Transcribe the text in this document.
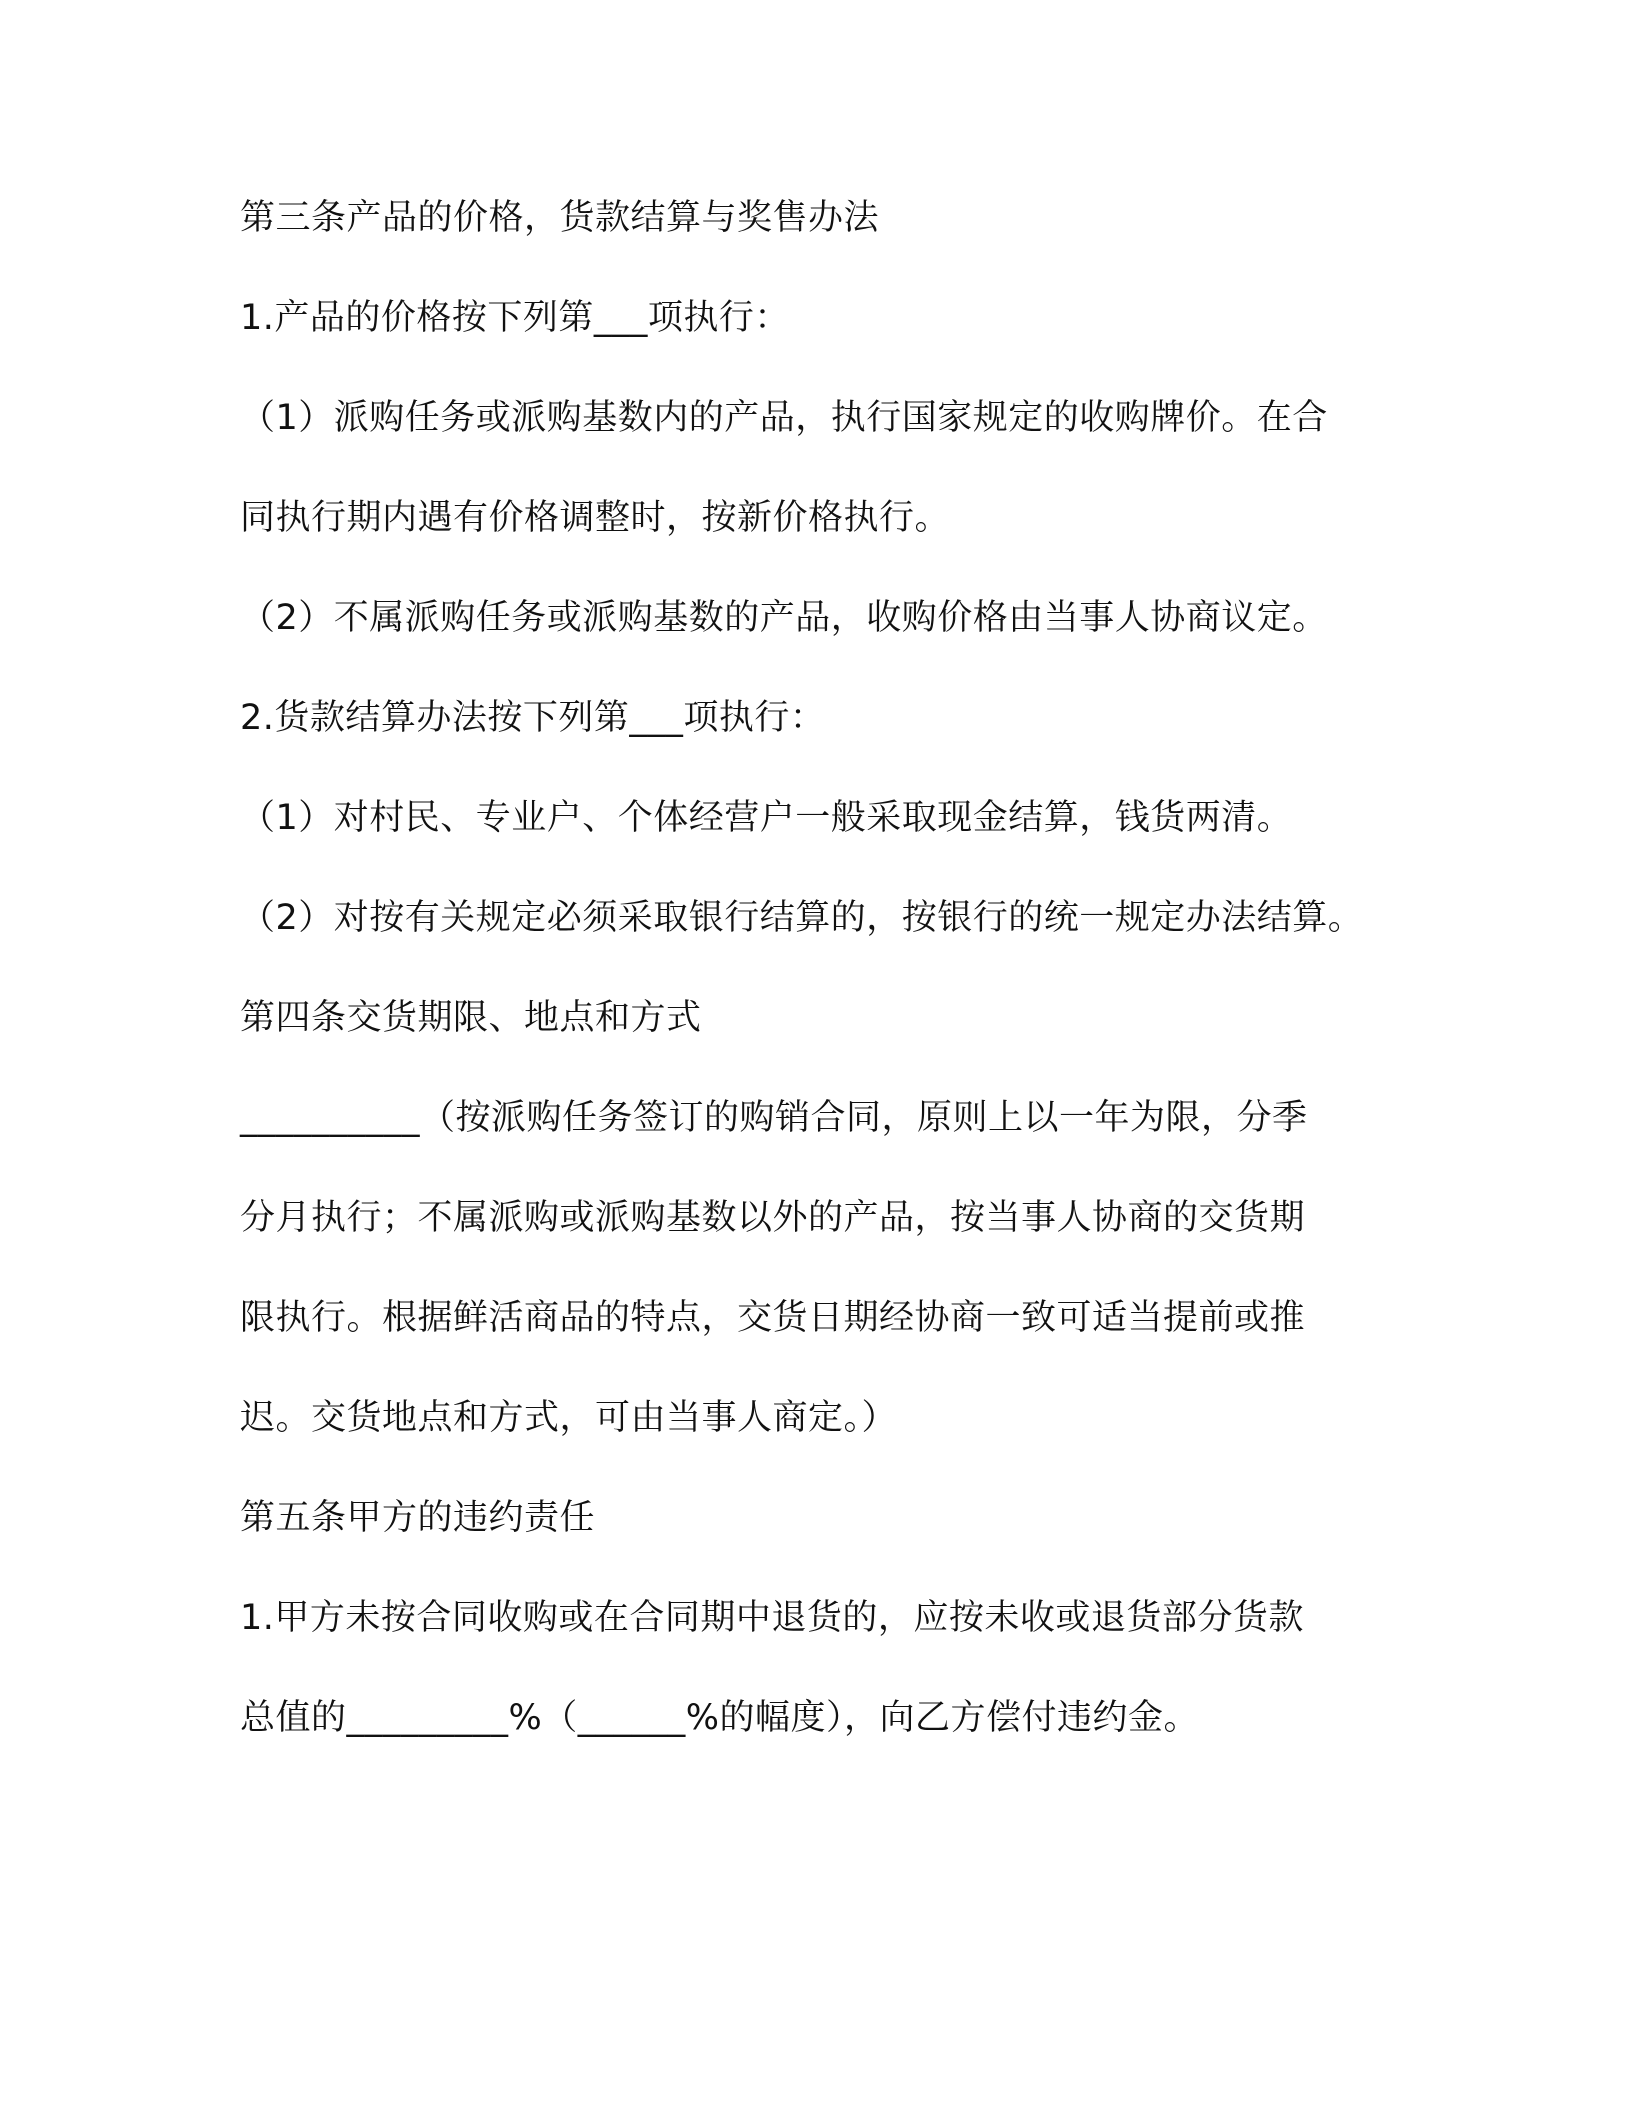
第三条产品的价格，货款结算与奖售办法
1.产品的价格按下列第___项执行：
（1）派购任务或派购基数内的产品，执行国家规定的收购牌价。在合
同执行期内遇有价格调整时，按新价格执行。
（2）不属派购任务或派购基数的产品，收购价格由当事人协商议定。
2.货款结算办法按下列第___项执行：
（1）对村民、专业户、个体经营户一般采取现金结算，钱货两清。
（2）对按有关规定必须采取银行结算的，按银行的统一规定办法结算。
第四条交货期限、地点和方式
__________（按派购任务签订的购销合同，原则上以一年为限，分季
分月执行；不属派购或派购基数以外的产品，按当事人协商的交货期
限执行。根据鲜活商品的特点，交货日期经协商一致可适当提前或推
迟。交货地点和方式，可由当事人商定。）
第五条甲方的违约责任
1.甲方未按合同收购或在合同期中退货的，应按未收或退货部分货款
总值的_________%（______%的幅度），向乙方偿付违约金。
